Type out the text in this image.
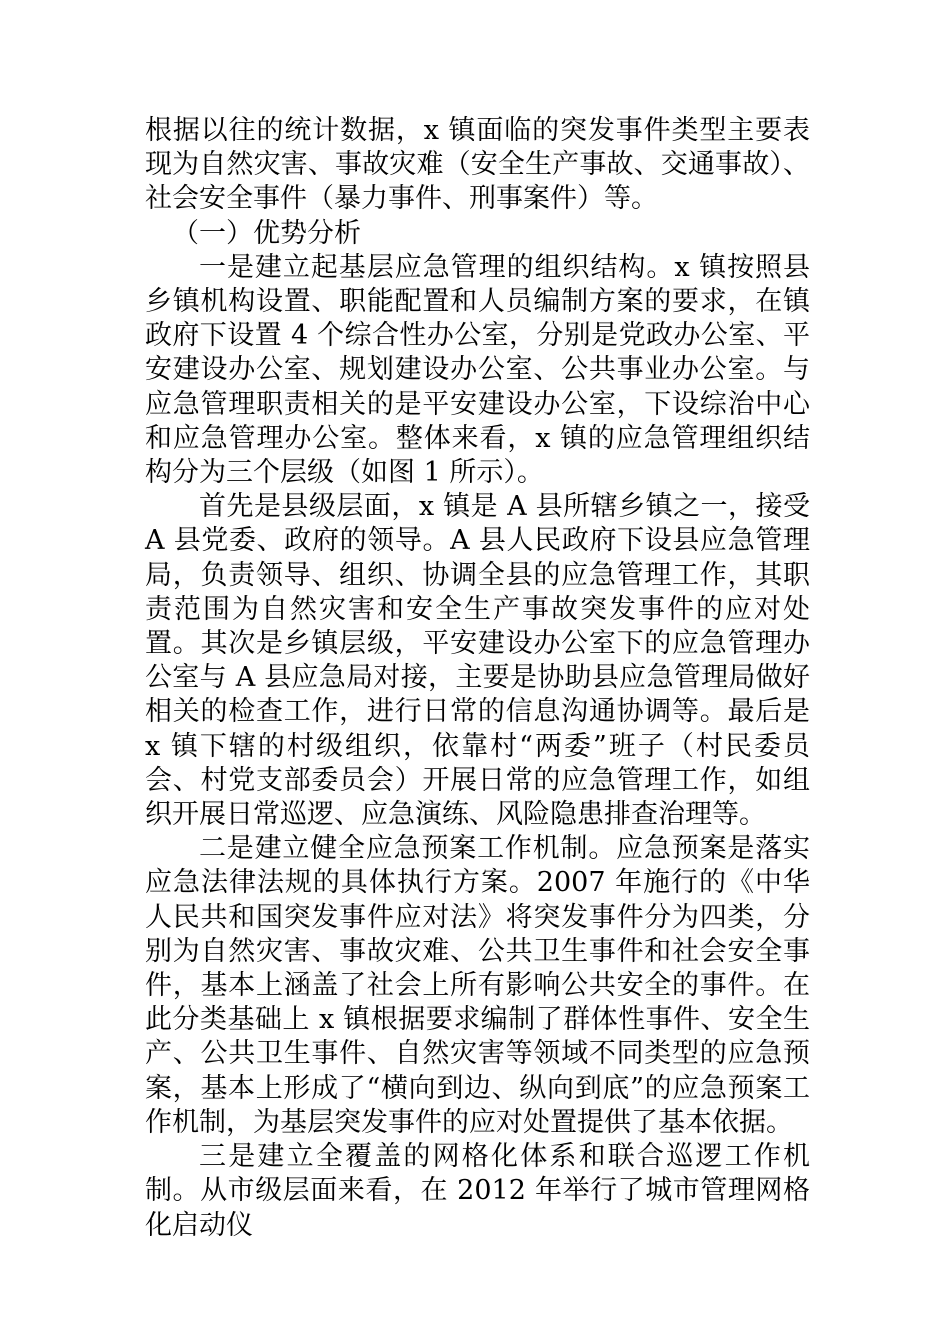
根据以往的统计数据，x 镇面临的突发事件类型主要表现为自然灾害、事故灾难（安全生产事故、交通事故）、社会安全事件（暴力事件、刑事案件）等。

（一）优势分析

一是建立起基层应急管理的组织结构。x 镇按照县乡镇机构设置、职能配置和人员编制方案的要求，在镇政府下设置 4 个综合性办公室，分别是党政办公室、平安建设办公室、规划建设办公室、公共事业办公室。与应急管理职责相关的是平安建设办公室，下设综治中心和应急管理办公室。整体来看，x 镇的应急管理组织结构分为三个层级（如图 1 所示）。

首先是县级层面，x 镇是 A 县所辖乡镇之一，接受 A 县党委、政府的领导。A 县人民政府下设县应急管理局，负责领导、组织、协调全县的应急管理工作，其职责范围为自然灾害和安全生产事故突发事件的应对处置。其次是乡镇层级，平安建设办公室下的应急管理办公室与 A 县应急局对接，主要是协助县应急管理局做好相关的检查工作，进行日常的信息沟通协调等。最后是 x 镇下辖的村级组织，依靠村“两委”班子（村民委员会、村党支部委员会）开展日常的应急管理工作，如组织开展日常巡逻、应急演练、风险隐患排查治理等。

二是建立健全应急预案工作机制。应急预案是落实应急法律法规的具体执行方案。2007 年施行的《中华人民共和国突发事件应对法》将突发事件分为四类，分别为自然灾害、事故灾难、公共卫生事件和社会安全事件，基本上涵盖了社会上所有影响公共安全的事件。在此分类基础上 x 镇根据要求编制了群体性事件、安全生产、公共卫生事件、自然灾害等领域不同类型的应急预案，基本上形成了“横向到边、纵向到底”的应急预案工作机制，为基层突发事件的应对处置提供了基本依据。

三是建立全覆盖的网格化体系和联合巡逻工作机制。从市级层面来看，在 2012 年举行了城市管理网格化启动仪
